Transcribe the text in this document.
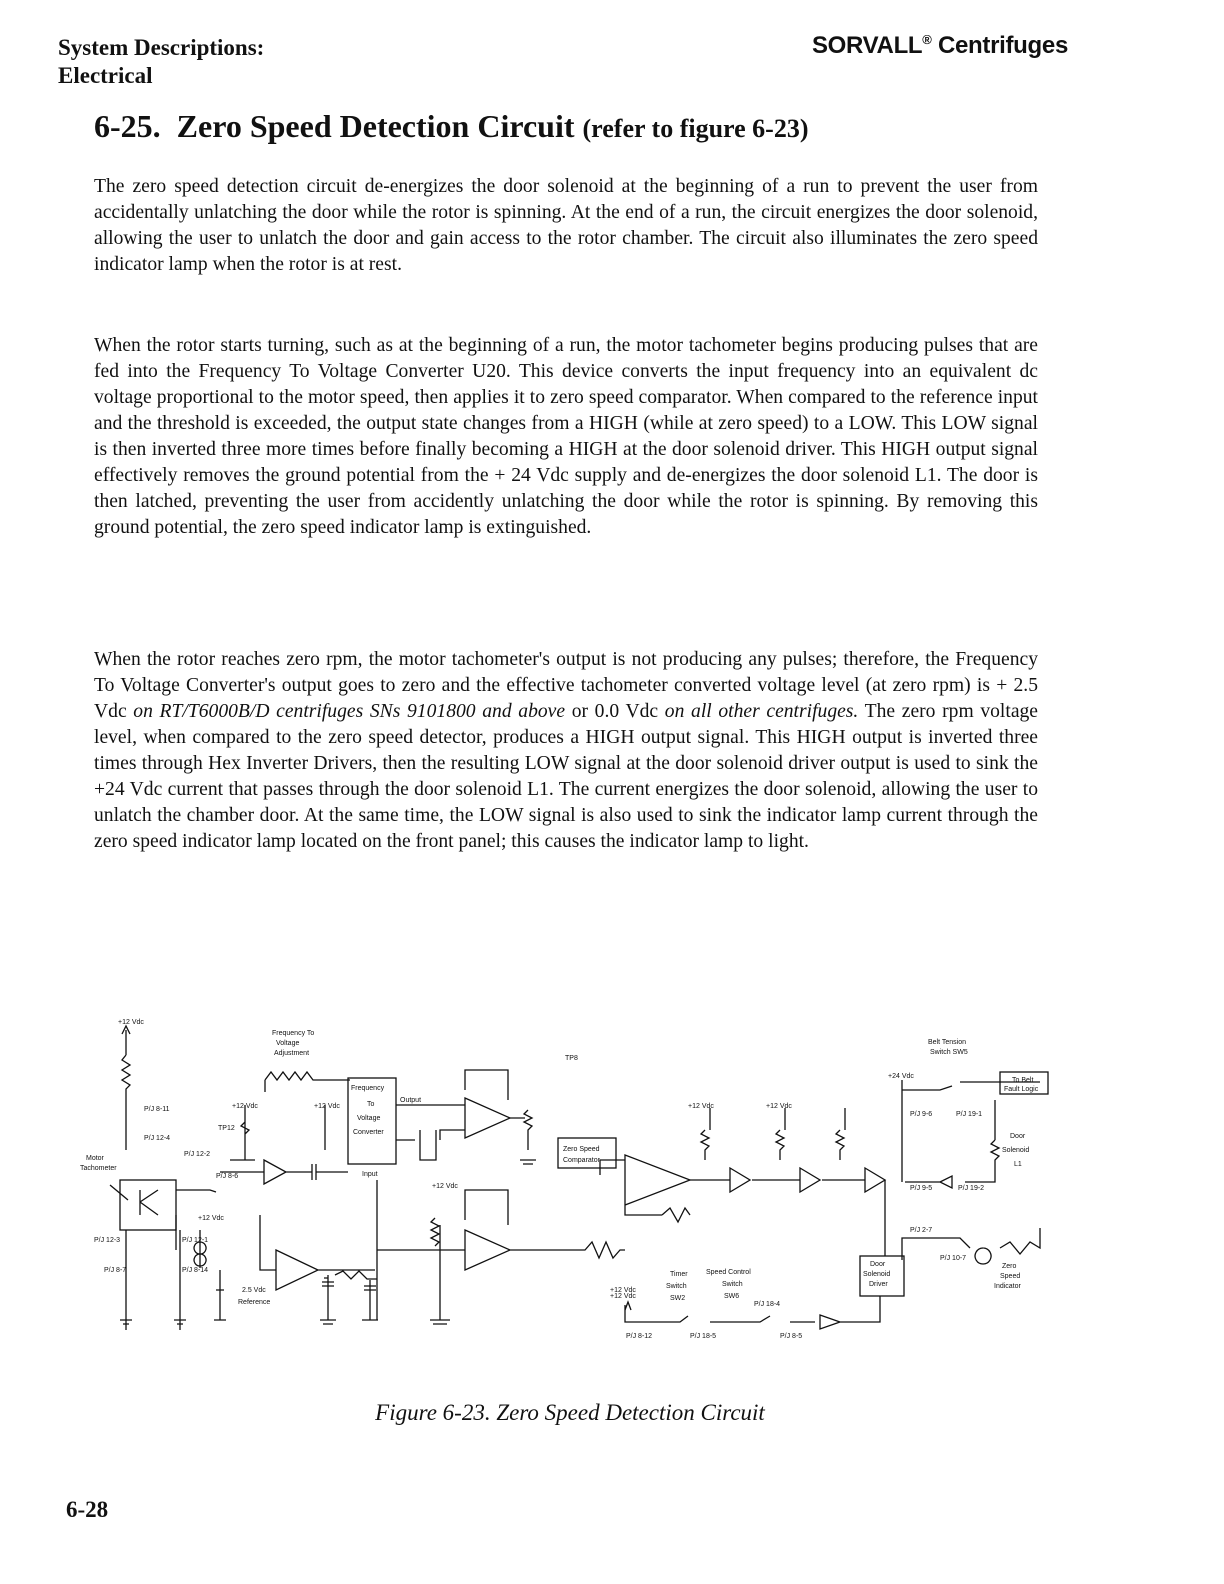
System Descriptions:
Electrical
SORVALL® Centrifuges
6-25. Zero Speed Detection Circuit (refer to figure 6-23)

The zero speed detection circuit de-energizes the door solenoid at the beginning of a run to prevent the user from accidentally unlatching the door while the rotor is spinning. At the end of a run, the circuit energizes the door solenoid, allowing the user to unlatch the door and gain access to the rotor chamber. The circuit also illuminates the zero speed indicator lamp when the rotor is at rest.

When the rotor starts turning, such as at the beginning of a run, the motor tachometer begins producing pulses that are fed into the Frequency To Voltage Converter U20. This device converts the input frequency into an equivalent dc voltage proportional to the motor speed, then applies it to zero speed comparator. When compared to the reference input and the threshold is exceeded, the output state changes from a HIGH (while at zero speed) to a LOW. This LOW signal is then inverted three more times before finally becoming a HIGH at the door solenoid driver. This HIGH output signal effectively removes the ground potential from the + 24 Vdc supply and de-energizes the door solenoid L1. The door is then latched, preventing the user from accidently unlatching the door while the rotor is spinning. By removing this ground potential, the zero speed indicator lamp is extinguished.

When the rotor reaches zero rpm, the motor tachometer's output is not producing any pulses; therefore, the Frequency To Voltage Converter's output goes to zero and the effective tachometer converted voltage level (at zero rpm) is + 2.5 Vdc on RT/T6000B/D centrifuges SNs 9101800 and above or 0.0 Vdc on all other centrifuges. The zero rpm voltage level, when compared to the zero speed detector, produces a HIGH output signal. This HIGH output is inverted three times through Hex Inverter Drivers, then the resulting LOW signal at the door solenoid driver output is used to sink the +24 Vdc current that passes through the door solenoid L1. The current energizes the door solenoid, allowing the user to unlatch the chamber door. At the same time, the LOW signal is also used to sink the indicator lamp current through the zero speed indicator lamp located on the front panel; this causes the indicator lamp to light.

+12 Vdc
Frequency To
Voltage
Adjustment
TP8
Belt Tension
Switch SW5
+24 Vdc
To Belt
Fault Logic
P/J 8-11
P/J 12-4
+12 Vdc	+12 Vdc
TP12
Frequency
To
Voltage
Converter
Output
Input
+12 Vdc
+12 Vdc	+12 Vdc
P/J 9-6	P/J 19-1
Door
Solenoid
L1
Zero Speed
Comparator
Motor
Tachometer
P/J 12-2
P/J 8-6
+12 Vdc
P/J 9-5	P/J 19-2
+12 Vdc
P/J 12-3	P/J 12-1
P/J 8-7	P/J 8-14
2.5 Vdc
Reference
P/J 2-7
P/J 10-7
Door
Solenoid
Driver
Zero
Speed
Indicator
Timer
Switch
SW2
Speed Control
Switch
SW6
+12 Vdc
P/J 18-4
P/J 8-12	P/J 18-5	P/J 8-5
Figure 6-23. Zero Speed Detection Circuit
6-28
